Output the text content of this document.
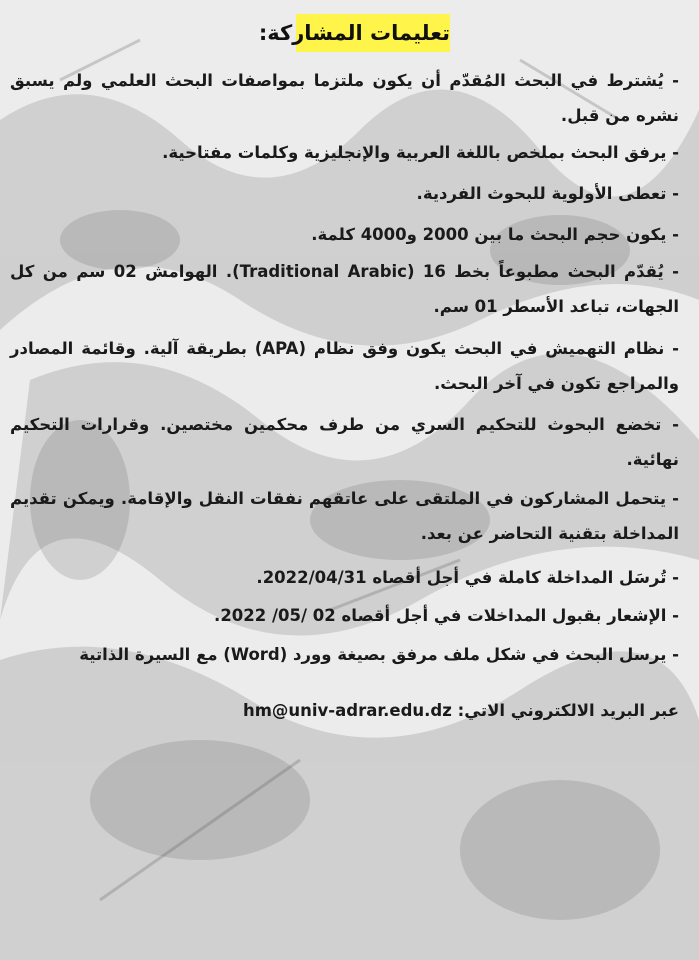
تعليمات المشاركة:
- يُشترط في البحث المُقدّم أن يكون ملتزما بمواصفات البحث العلمي ولم يسبق نشره من قبل.
- يرفق البحث بملخص باللغة العربية والإنجليزية وكلمات مفتاحية.
- تعطى الأولوية للبحوث الفردية.
- يكون حجم البحث ما بين 2000 و4000 كلمة.
- يُقدّم البحث مطبوعاً بخط 16 (Traditional Arabic). الهوامش 02 سم من كل الجهات، تباعد الأسطر 01 سم.
- نظام التهميش في البحث يكون وفق نظام (APA) بطريقة آلية. وقائمة المصادر والمراجع تكون في آخر البحث.
- تخضع البحوث للتحكيم السري من طرف محكمين مختصين. وقرارات التحكيم نهائية.
- يتحمل المشاركون في الملتقى على عاتقهم نفقات النقل والإقامة. ويمكن تقديم المداخلة بتقنية التحاضر عن بعد.
- تُرسَل المداخلة كاملة في أجل أقصاه 2022/04/31.
- الإشعار بقبول المداخلات في أجل أقصاه 02 /05/ 2022.
- يرسل البحث في شكل ملف مرفق بصيغة وورد (Word) مع السيرة الذاتية
عبر البريد الالكتروني الاتي: hm@univ-adrar.edu.dz
